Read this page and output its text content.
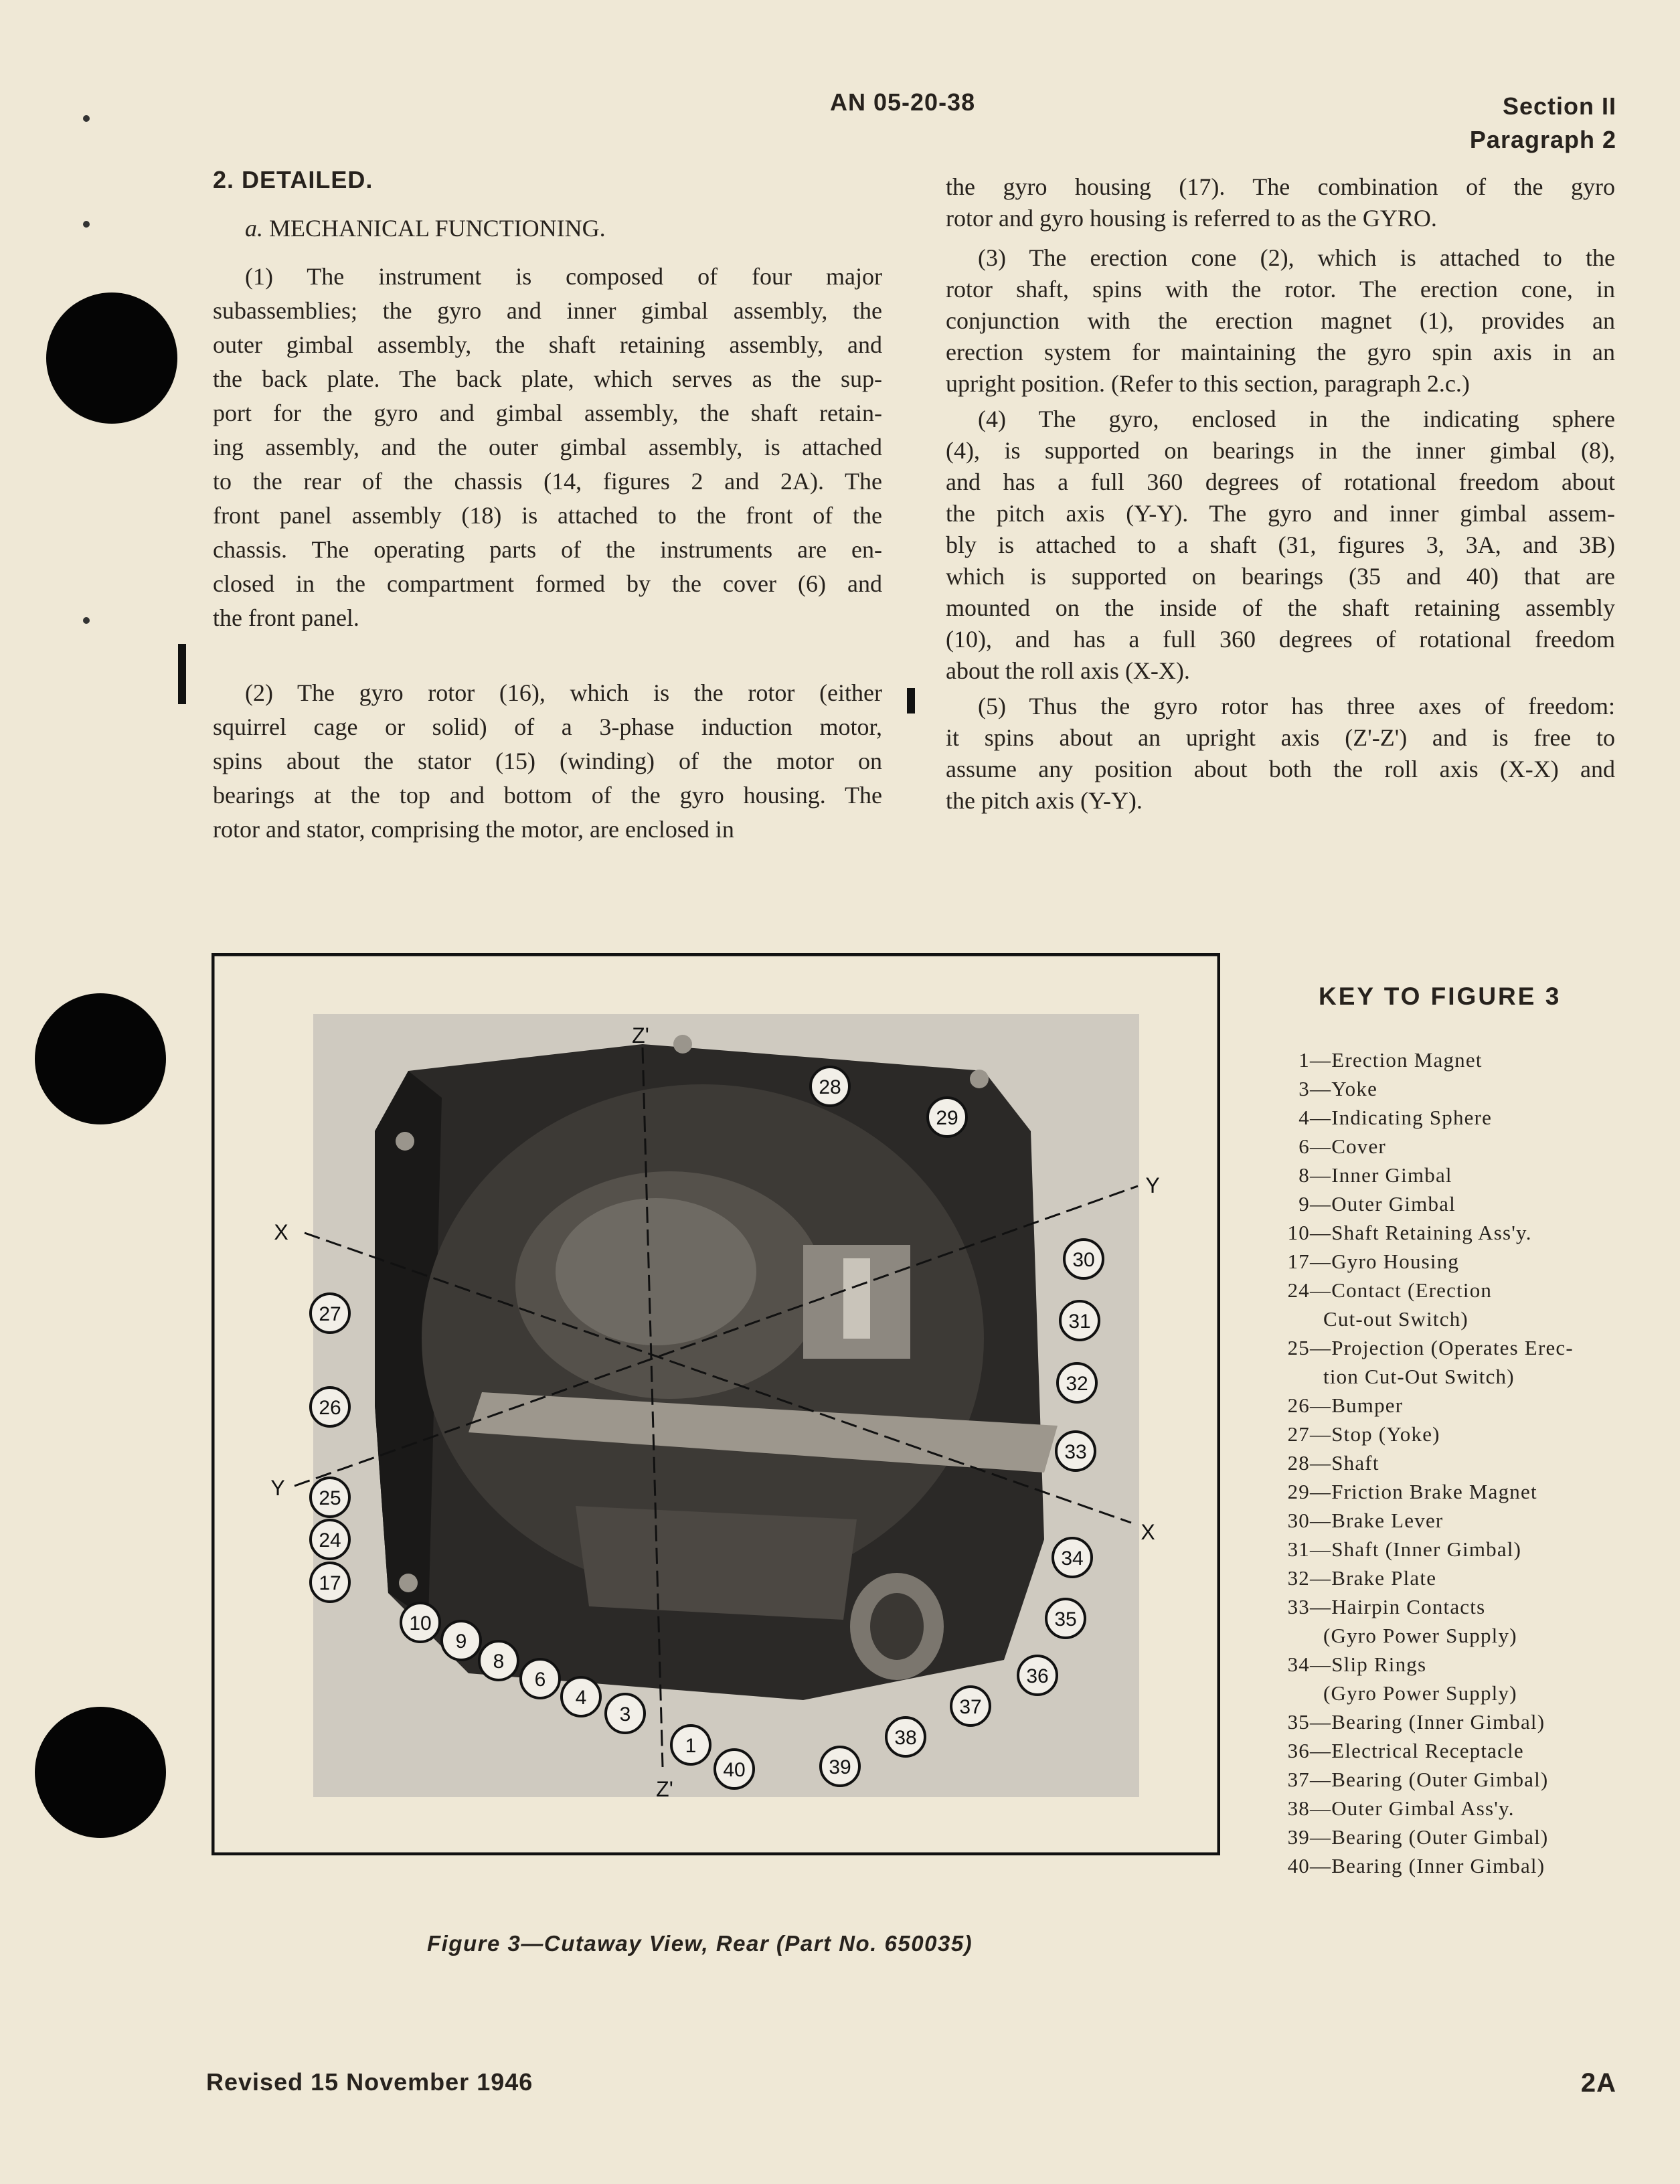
AN 05-20-38	Section II
Paragraph 2
2. DETAILED.
a. MECHANICAL FUNCTIONING.
(1) The instrument is composed of four major
subassemblies; the gyro and inner gimbal assembly, the
outer gimbal assembly, the shaft retaining assembly, and
the back plate. The back plate, which serves as the sup-
port for the gyro and gimbal assembly, the shaft retain-
ing assembly, and the outer gimbal assembly, is attached
to the rear of the chassis (14, figures 2 and 2A). The
front panel assembly (18) is attached to the front of the
chassis. The operating parts of the instruments are en-
closed in the compartment formed by the cover (6) and
the front panel.
(2) The gyro rotor (16), which is the rotor (either
squirrel cage or solid) of a 3-phase induction motor,
spins about the stator (15) (winding) of the motor on
bearings at the top and bottom of the gyro housing. The
rotor and stator, comprising the motor, are enclosed in
the gyro housing (17). The combination of the gyro
rotor and gyro housing is referred to as the GYRO.
(3) The erection cone (2), which is attached to the
rotor shaft, spins with the rotor. The erection cone, in
conjunction with the erection magnet (1), provides an
erection system for maintaining the gyro spin axis in an
upright position. (Refer to this section, paragraph 2.c.)
(4) The gyro, enclosed in the indicating sphere
(4), is supported on bearings in the inner gimbal (8),
and has a full 360 degrees of rotational freedom about
the pitch axis (Y-Y). The gyro and inner gimbal assem-
bly is attached to a shaft (31, figures 3, 3A, and 3B)
which is supported on bearings (35 and 40) that are
mounted on the inside of the shaft retaining assembly
(10), and has a full 360 degrees of rotational freedom
about the roll axis (X-X).
(5) Thus the gyro rotor has three axes of freedom:
it spins about an upright axis (Z'-Z') and is free to
assume any position about both the roll axis (X-X) and
the pitch axis (Y-Y).
28
29
30
31
32
33
34
35
36
37
38
39
40
1
3
4
6
8
9
10
17
24
25
26
27
Z'
Z'
X
Y
Y
X
KEY TO FIGURE 3
1—Erection Magnet
3—Yoke
4—Indicating Sphere
6—Cover
8—Inner Gimbal
9—Outer Gimbal
10—Shaft Retaining Ass'y.
17—Gyro Housing
24—Contact (Erection
Cut-out Switch)
25—Projection (Operates Erec-
tion Cut-Out Switch)
26—Bumper
27—Stop (Yoke)
28—Shaft
29—Friction Brake Magnet
30—Brake Lever
31—Shaft (Inner Gimbal)
32—Brake Plate
33—Hairpin Contacts
(Gyro Power Supply)
34—Slip Rings
(Gyro Power Supply)
35—Bearing (Inner Gimbal)
36—Electrical Receptacle
37—Bearing (Outer Gimbal)
38—Outer Gimbal Ass'y.
39—Bearing (Outer Gimbal)
40—Bearing (Inner Gimbal)
Figure 3—Cutaway View, Rear (Part No. 650035)
Revised 15 November 1946	2A
